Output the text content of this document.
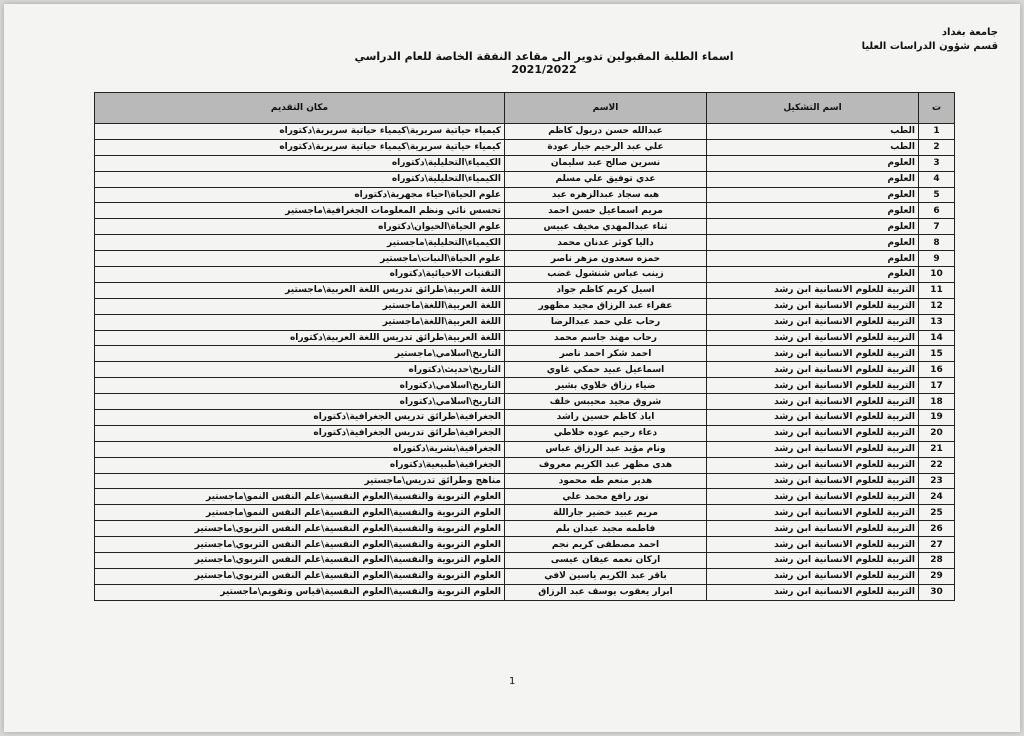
جامعة بغداد
قسم شؤون الدراسات العليا
اسماء الطلبة المقبولين تدوير الى مقاعد النفقة الخاصة للعام الدراسي 2021/2022
ت	اسم التشكيل	الاسم	مكان التقديم
1	الطب	عبدالله حسن دريول كاظم	كيمياء حياتية سريرية\كيمياء حياتية سريرية\دكتوراه
2	الطب	علي عبد الرحيم جبار عودة	كيمياء حياتية سريرية\كيمياء حياتية سريرية\دكتوراه
3	العلوم	نسرين صالح عبد سليمان	الكيمياء\التحليلية\دكتوراه
4	العلوم	عدي توفيق علي مسلم	الكيمياء\التحليلية\دكتوراه
5	العلوم	هبه سجاد عبدالزهره عبد	علوم الحياة\احياء مجهرية\دكتوراه
6	العلوم	مريم اسماعيل حسن احمد	تحسس نائي ونظم المعلومات الجغرافية\ماجستير
7	العلوم	ثناء عبدالمهدي مخيف عبيس	علوم الحياة\الحيوان\دكتوراه
8	العلوم	داليا كوثر عدنان محمد	الكيمياء\التحليلية\ماجستير
9	العلوم	حمزه سعدون مزهر ناصر	علوم الحياة\النبات\ماجستير
10	العلوم	زينب عباس شنشول غضب	التقنيات الاحيائية\دكتوراه
11	التربية للعلوم الانسانية ابن رشد	اسيل كريم كاظم جواد	اللغة العربية\طرائق تدريس اللغة العربية\ماجستير
12	التربية للعلوم الانسانية ابن رشد	عفراء عبد الرزاق مجيد مظهور	اللغة العربية\اللغة\ماجستير
13	التربية للعلوم الانسانية ابن رشد	رحاب علي حمد عبدالرضا	اللغة العربية\اللغة\ماجستير
14	التربية للعلوم الانسانية ابن رشد	رحاب مهند جاسم محمد	اللغة العربية\طرائق تدريس اللغة العربية\دكتوراه
15	التربية للعلوم الانسانية ابن رشد	احمد شكر احمد ناصر	التاريخ\اسلامي\ماجستير
16	التربية للعلوم الانسانية ابن رشد	اسماعيل عبيد حمكي غاوي	التاريخ\حديث\دكتوراه
17	التربية للعلوم الانسانية ابن رشد	ضياء رزاق خلاوي بشير	التاريخ\اسلامي\دكتوراه
18	التربية للعلوم الانسانية ابن رشد	شروق مجيد محيبس خلف	التاريخ\اسلامي\دكتوراه
19	التربية للعلوم الانسانية ابن رشد	اياد كاظم حسين راشد	الجغرافية\طرائق تدريس الجغرافية\دكتوراه
20	التربية للعلوم الانسانية ابن رشد	دعاء رحيم عوده خلاطي	الجغرافية\طرائق تدريس الجغرافية\دكتوراه
21	التربية للعلوم الانسانية ابن رشد	ونام مؤيد عبد الرزاق عباس	الجغرافية\بشرية\دكتوراه
22	التربية للعلوم الانسانية ابن رشد	هدى مظهر عبد الكريم معروف	الجغرافية\طبيعية\دكتوراه
23	التربية للعلوم الانسانية ابن رشد	هدير منعم طه محمود	مناهج وطرائق تدريس\ماجستير
24	التربية للعلوم الانسانية ابن رشد	نور رافع محمد علي	العلوم التربوية والنفسية\العلوم النفسية\علم النفس النمو\ماجستير
25	التربية للعلوم الانسانية ابن رشد	مريم عبيد خضير جاراللة	العلوم التربوية والنفسية\العلوم النفسية\علم النفس النمو\ماجستير
26	التربية للعلوم الانسانية ابن رشد	فاطمه مجيد عيدان بلم	العلوم التربوية والنفسية\العلوم النفسية\علم النفس التربوي\ماجستير
27	التربية للعلوم الانسانية ابن رشد	احمد مصطفى كريم نجم	العلوم التربوية والنفسية\العلوم النفسية\علم النفس التربوي\ماجستير
28	التربية للعلوم الانسانية ابن رشد	اركان نعمه عيفان عيسى	العلوم التربوية والنفسية\العلوم النفسية\علم النفس التربوي\ماجستير
29	التربية للعلوم الانسانية ابن رشد	باقر عبد الكريم ياسين لافي	العلوم التربوية والنفسية\العلوم النفسية\علم النفس التربوي\ماجستير
30	التربية للعلوم الانسانية ابن رشد	ابرار يعقوب يوسف عبد الرزاق	العلوم التربوية والنفسية\العلوم النفسية\قياس وتقويم\ماجستير
1
